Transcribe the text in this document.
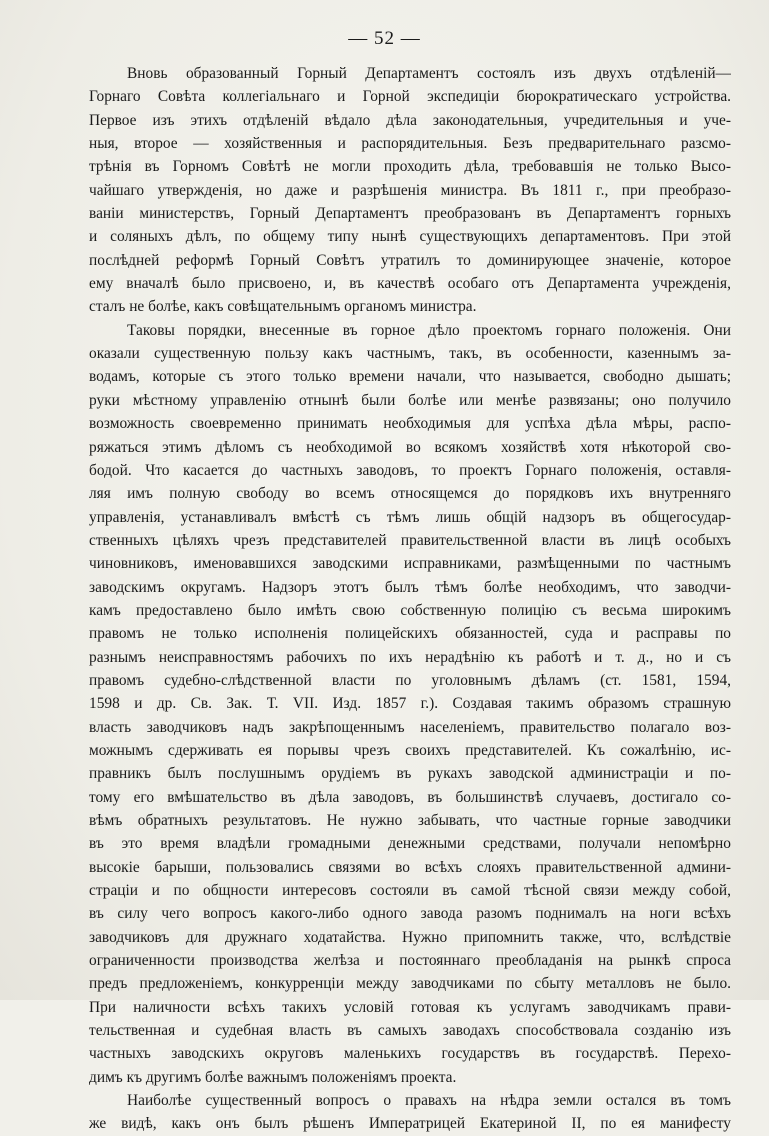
— 52 —
Вновь образованный Горный Департаментъ состоялъ изъ двухъ отдѣленій—
Горнаго Совѣта коллегіальнаго и Горной экспедиціи бюрократическаго устройства.
Первое изъ этихъ отдѣленій вѣдало дѣла законодательныя, учредительныя и уче-
ныя, второе — хозяйственныя и распорядительныя. Безъ предварительнаго разсмо-
трѣнія въ Горномъ Совѣтѣ не могли проходить дѣла, требовавшія не только Высо-
чайшаго утвержденія, но даже и разрѣшенія министра. Въ 1811 г., при преобразо-
ваніи министерствъ, Горный Департаментъ преобразованъ въ Департаментъ горныхъ
и соляныхъ дѣлъ, по общему типу нынѣ существующихъ департаментовъ. При этой
послѣдней реформѣ Горный Совѣтъ утратилъ то доминирующее значеніе, которое
ему вначалѣ было присвоено, и, въ качествѣ особаго отъ Департамента учрежденія,
сталъ не болѣе, какъ совѣщательнымъ органомъ министра.
Таковы порядки, внесенные въ горное дѣло проектомъ горнаго положенія. Они
оказали существенную пользу какъ частнымъ, такъ, въ особенности, казеннымъ за-
водамъ, которые съ этого только времени начали, что называется, свободно дышать;
руки мѣстному управленію отнынѣ были болѣе или менѣе развязаны; оно получило
возможность своевременно принимать необходимыя для успѣха дѣла мѣры, распо-
ряжаться этимъ дѣломъ съ необходимой во всякомъ хозяйствѣ хотя нѣкоторой сво-
бодой. Что касается до частныхъ заводовъ, то проектъ Горнаго положенія, оставля-
ляя имъ полную свободу во всемъ относящемся до порядковъ ихъ внутренняго
управленія, устанавливалъ вмѣстѣ съ тѣмъ лишь общій надзоръ въ общегосудар-
ственныхъ цѣляхъ чрезъ представителей правительственной власти въ лицѣ особыхъ
чиновниковъ, именовавшихся заводскими исправниками, размѣщенными по частнымъ
заводскимъ округамъ. Надзоръ этотъ былъ тѣмъ болѣе необходимъ, что заводчи-
камъ предоставлено было имѣть свою собственную полицію съ весьма широкимъ
правомъ не только исполненія полицейскихъ обязанностей, суда и расправы по
разнымъ неисправностямъ рабочихъ по ихъ нерадѣнію къ работѣ и т. д., но и съ
правомъ судебно-слѣдственной власти по уголовнымъ дѣламъ (ст. 1581, 1594,
1598 и др. Св. Зак. Т. VII. Изд. 1857 г.). Создавая такимъ образомъ страшную
власть заводчиковъ надъ закрѣпощеннымъ населеніемъ, правительство полагало воз-
можнымъ сдерживать ея порывы чрезъ своихъ представителей. Къ сожалѣнію, ис-
правникъ былъ послушнымъ орудіемъ въ рукахъ заводской администраціи и по-
тому его вмѣшательство въ дѣла заводовъ, въ большинствѣ случаевъ, достигало со-
вѣмъ обратныхъ результатовъ. Не нужно забывать, что частные горные заводчики
въ это время владѣли громадными денежными средствами, получали непомѣрно
высокіе барыши, пользовались связями во всѣхъ слояхъ правительственной админи-
страціи и по общности интересовъ состояли въ самой тѣсной связи между собой,
въ силу чего вопросъ какого-либо одного завода разомъ поднималъ на ноги всѣхъ
заводчиковъ для дружнаго ходатайства. Нужно припомнить также, что, вслѣдствіе
ограниченности производства желѣза и постояннаго преобладанія на рынкѣ спроса
предъ предложеніемъ, конкурренціи между заводчиками по сбыту металловъ не было.
При наличности всѣхъ такихъ условій готовая къ услугамъ заводчикамъ прави-
тельственная и судебная власть въ самыхъ заводахъ способствовала созданію изъ
частныхъ заводскихъ округовъ маленькихъ государствъ въ государствѣ. Перехо-
димъ къ другимъ болѣе важнымъ положеніямъ проекта.
Наиболѣе существенный вопросъ о правахъ на нѣдра земли остался въ томъ
же видѣ, какъ онъ былъ рѣшенъ Императрицей Екатериной II, по ея манифесту
